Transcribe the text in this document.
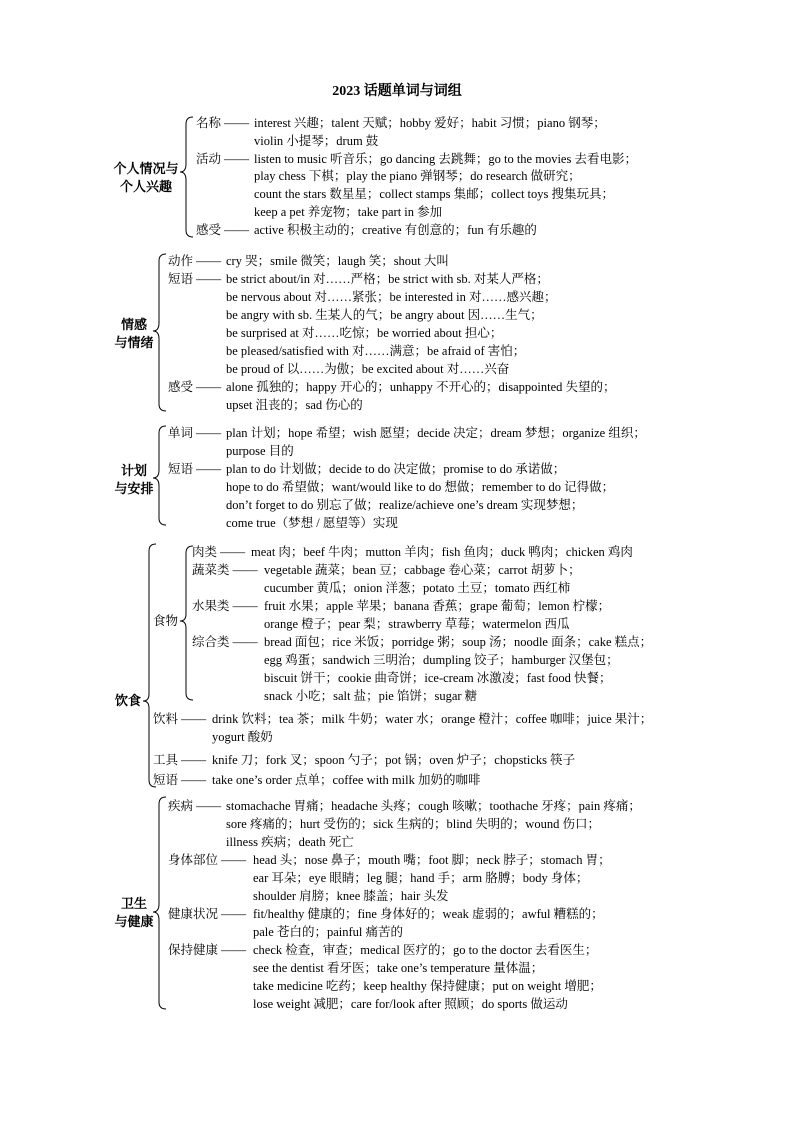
2023 话题单词与词组
个人情况与
个人兴趣
名称 —— interest 兴趣；talent 天赋；hobby 爱好；habit 习惯；piano 钢琴；
violin 小提琴；drum 鼓
活动 —— listen to music 听音乐；go dancing 去跳舞；go to the movies 去看电影；
play chess 下棋；play the piano 弹钢琴；do research 做研究；
count the stars 数星星；collect stamps 集邮；collect toys 搜集玩具；
keep a pet 养宠物；take part in 参加
感受 —— active 积极主动的；creative 有创意的；fun 有乐趣的
情感
与情绪
动作 —— cry 哭；smile 微笑；laugh 笑；shout 大叫
短语 —— be strict about/in 对……严格；be strict with sb. 对某人严格；
be nervous about 对……紧张；be interested in 对……感兴趣；
be angry with sb. 生某人的气；be angry about 因……生气；
be surprised at 对……吃惊；be worried about 担心；
be pleased/satisfied with 对……满意；be afraid of 害怕；
be proud of 以……为傲；be excited about 对……兴奋
感受 —— alone 孤独的；happy 开心的；unhappy 不开心的；disappointed 失望的；
upset 沮丧的；sad 伤心的
计划
与安排
单词 —— plan 计划；hope 希望；wish 愿望；decide 决定；dream 梦想；organize 组织；
purpose 目的
短语 —— plan to do 计划做；decide to do 决定做；promise to do 承诺做；
hope to do 希望做；want/would like to do 想做；remember to do 记得做；
don’t forget to do 别忘了做；realize/achieve one’s dream 实现梦想；
come true（梦想 / 愿望等）实现
饮食
食物
肉类 —— meat 肉；beef 牛肉；mutton 羊肉；fish 鱼肉；duck 鸭肉；chicken 鸡肉
蔬菜类 —— vegetable 蔬菜；bean 豆；cabbage 卷心菜；carrot 胡萝卜；
cucumber 黄瓜；onion 洋葱；potato 土豆；tomato 西红柿
水果类 —— fruit 水果；apple 苹果；banana 香蕉；grape 葡萄；lemon 柠檬；
orange 橙子；pear 梨；strawberry 草莓；watermelon 西瓜
综合类 —— bread 面包；rice 米饭；porridge 粥；soup 汤；noodle 面条；cake 糕点；
egg 鸡蛋；sandwich 三明治；dumpling 饺子；hamburger 汉堡包；
biscuit 饼干；cookie 曲奇饼；ice-cream 冰激凌；fast food 快餐；
snack 小吃；salt 盐；pie 馅饼；sugar 糖
饮料 —— drink 饮料；tea 茶；milk 牛奶；water 水；orange 橙汁；coffee 咖啡；juice 果汁；
yogurt 酸奶
工具 —— knife 刀；fork 叉；spoon 勺子；pot 锅；oven 炉子；chopsticks 筷子
短语 —— take one’s order 点单；coffee with milk 加奶的咖啡
卫生
与健康
疾病 —— stomachache 胃痛；headache 头疼；cough 咳嗽；toothache 牙疼；pain 疼痛；
sore 疼痛的；hurt 受伤的；sick 生病的；blind 失明的；wound 伤口；
illness 疾病；death 死亡
身体部位 —— head 头；nose 鼻子；mouth 嘴；foot 脚；neck 脖子；stomach 胃；
ear 耳朵；eye 眼睛；leg 腿；hand 手；arm 胳膊；body 身体；
shoulder 肩膀；knee 膝盖；hair 头发
健康状况 —— fit/healthy 健康的；fine 身体好的；weak 虚弱的；awful 糟糕的；
pale 苍白的；painful 痛苦的
保持健康 —— check 检查，审查；medical 医疗的；go to the doctor 去看医生；
see the dentist 看牙医；take one’s temperature 量体温；
take medicine 吃药；keep healthy 保持健康；put on weight 增肥；
lose weight 减肥；care for/look after 照顾；do sports 做运动
